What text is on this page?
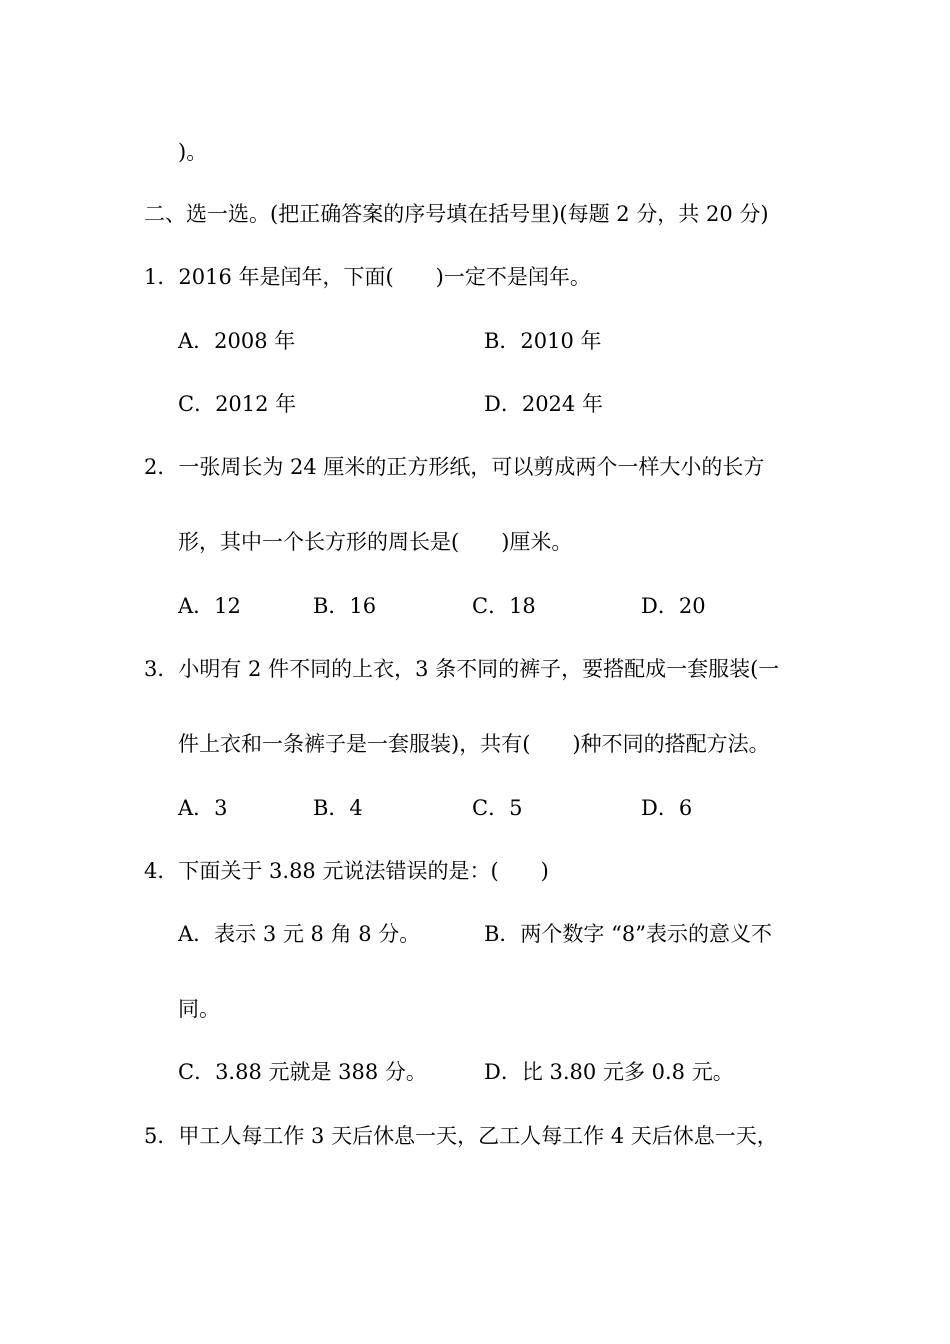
)。
二、选一选。(把正确答案的序号填在括号里)(每题 2 分，共 20 分)
1．2016 年是闰年，下面(　　)一定不是闰年。
A．2008 年	B．2010 年
C．2012 年	D．2024 年
2．一张周长为 24 厘米的正方形纸，可以剪成两个一样大小的长方
形，其中一个长方形的周长是(　　)厘米。
A．12	B．16	C．18	D．20
3．小明有 2 件不同的上衣，3 条不同的裤子，要搭配成一套服装(一
件上衣和一条裤子是一套服装)，共有(　　)种不同的搭配方法。
A．3	B．4	C．5	D．6
4．下面关于 3.88 元说法错误的是：(　　)
A．表示 3 元 8 角 8 分。	B．两个数字 “8”表示的意义不
同。
C．3.88 元就是 388 分。	D．比 3.80 元多 0.8 元。
5．甲工人每工作 3 天后休息一天，乙工人每工作 4 天后休息一天，
